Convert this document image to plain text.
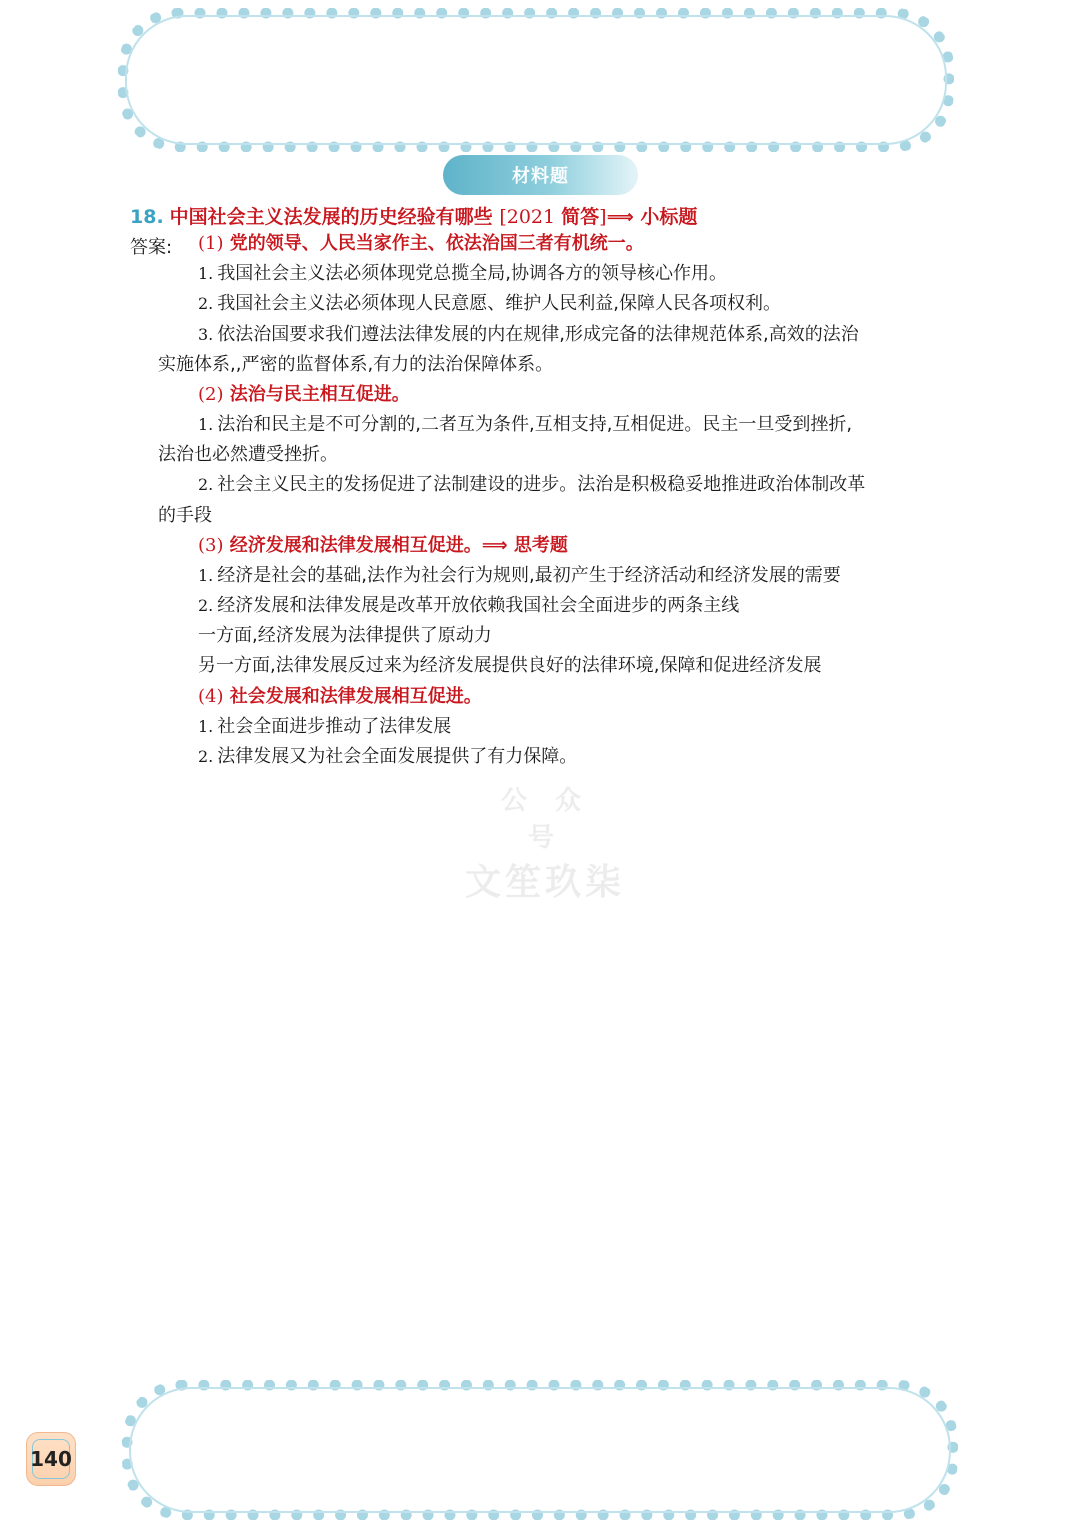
材料题
18. 中国社会主义法发展的历史经验有哪些 [2021 简答]⟹ 小标题
答案: (1) 党的领导、人民当家作主、依法治国三者有机统一。
1. 我国社会主义法必须体现党总揽全局,协调各方的领导核心作用。
2. 我国社会主义法必须体现人民意愿、维护人民利益,保障人民各项权利。
3. 依法治国要求我们遵法法律发展的内在规律,形成完备的法律规范体系,高效的法治
实施体系,,严密的监督体系,有力的法治保障体系。
(2) 法治与民主相互促进。
1. 法治和民主是不可分割的,二者互为条件,互相支持,互相促进。民主一旦受到挫折,
法治也必然遭受挫折。
2. 社会主义民主的发扬促进了法制建设的进步。法治是积极稳妥地推进政治体制改革
的手段
(3) 经济发展和法律发展相互促进。⟹ 思考题
1. 经济是社会的基础,法作为社会行为规则,最初产生于经济活动和经济发展的需要
2. 经济发展和法律发展是改革开放依赖我国社会全面进步的两条主线
一方面,经济发展为法律提供了原动力
另一方面,法律发展反过来为经济发展提供良好的法律环境,保障和促进经济发展
(4) 社会发展和法律发展相互促进。
1. 社会全面进步推动了法律发展
2. 法律发展又为社会全面发展提供了有力保障。
公众号
文笙玖柒
140
